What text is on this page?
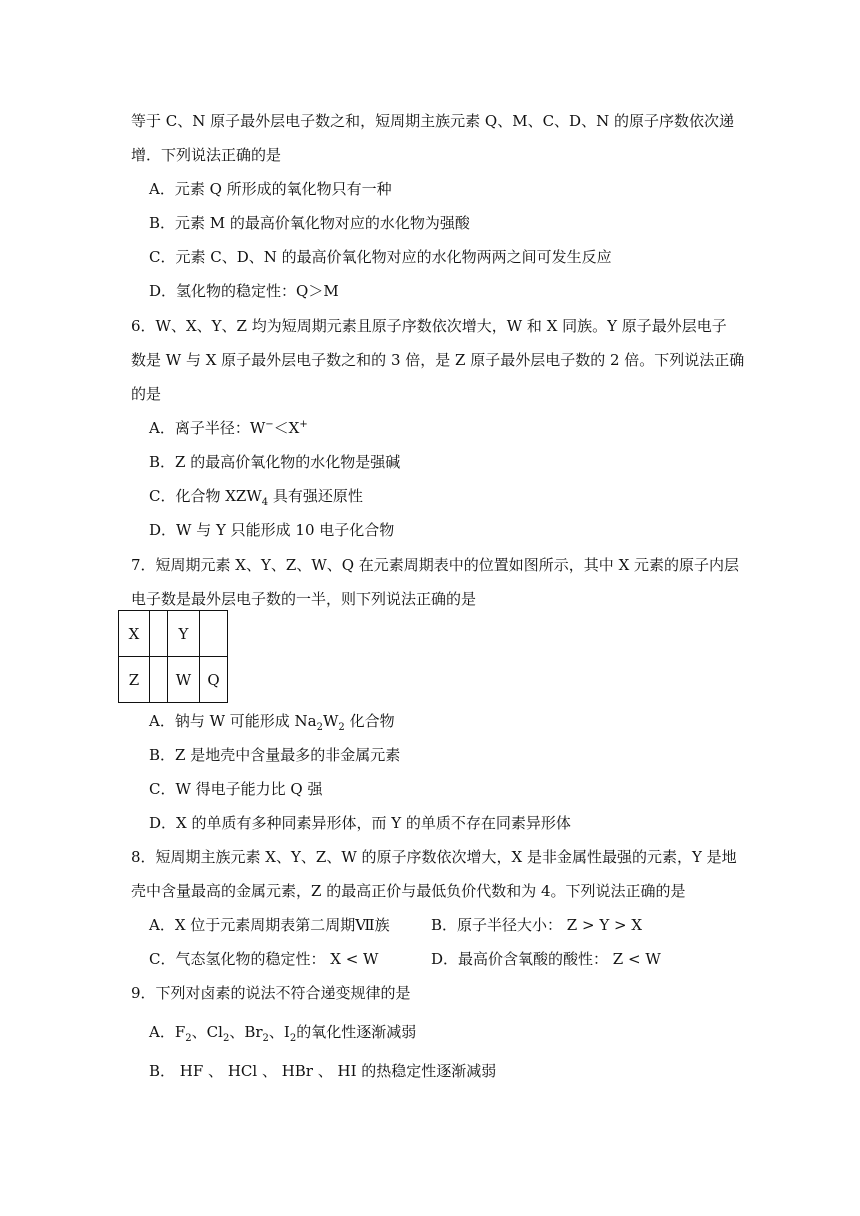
等于 C、N 原子最外层电子数之和，短周期主族元素 Q、M、C、D、N 的原子序数依次递
增．下列说法正确的是
A．元素 Q 所形成的氧化物只有一种
B．元素 M 的最高价氧化物对应的水化物为强酸
C．元素 C、D、N 的最高价氧化物对应的水化物两两之间可发生反应
D．氢化物的稳定性：Q＞M
6．W、X、Y、Z 均为短周期元素且原子序数依次增大，W 和 X 同族。Y 原子最外层电子
数是 W 与 X 原子最外层电子数之和的 3 倍，是 Z 原子最外层电子数的 2 倍。下列说法正确
的是
A．离子半径：W−＜X+
B．Z 的最高价氧化物的水化物是强碱
C．化合物 $XZW_4$ 具有强还原性
D．W 与 Y 只能形成 10 电子化合物
7．短周期元素 X、Y、Z、W、Q 在元素周期表中的位置如图所示，其中 X 元素的原子内层
电子数是最外层电子数的一半，则下列说法正确的是
X		Y	
Z		W	Q
A．钠与 W 可能形成 $Na_2W_2$ 化合物
B．Z 是地壳中含量最多的非金属元素
C．W 得电子能力比 Q 强
D．X 的单质有多种同素异形体，而 Y 的单质不存在同素异形体
8．短周期主族元素 X、Y、Z、W 的原子序数依次增大，X 是非金属性最强的元素，Y 是地
壳中含量最高的金属元素，Z 的最高正价与最低负价代数和为 4。下列说法正确的是
A．X 位于元素周期表第二周期Ⅶ族	B．原子半径大小： Z > Y > X
C．气态氢化物的稳定性： X < W	D．最高价含氧酸的酸性： Z < W
9．下列对卤素的说法不符合递变规律的是
A．$F_2$、$Cl_2$、$Br_2$、$I_2$的氧化性逐渐减弱
B． HF 、 HCl 、 HBr 、 HI 的热稳定性逐渐减弱
